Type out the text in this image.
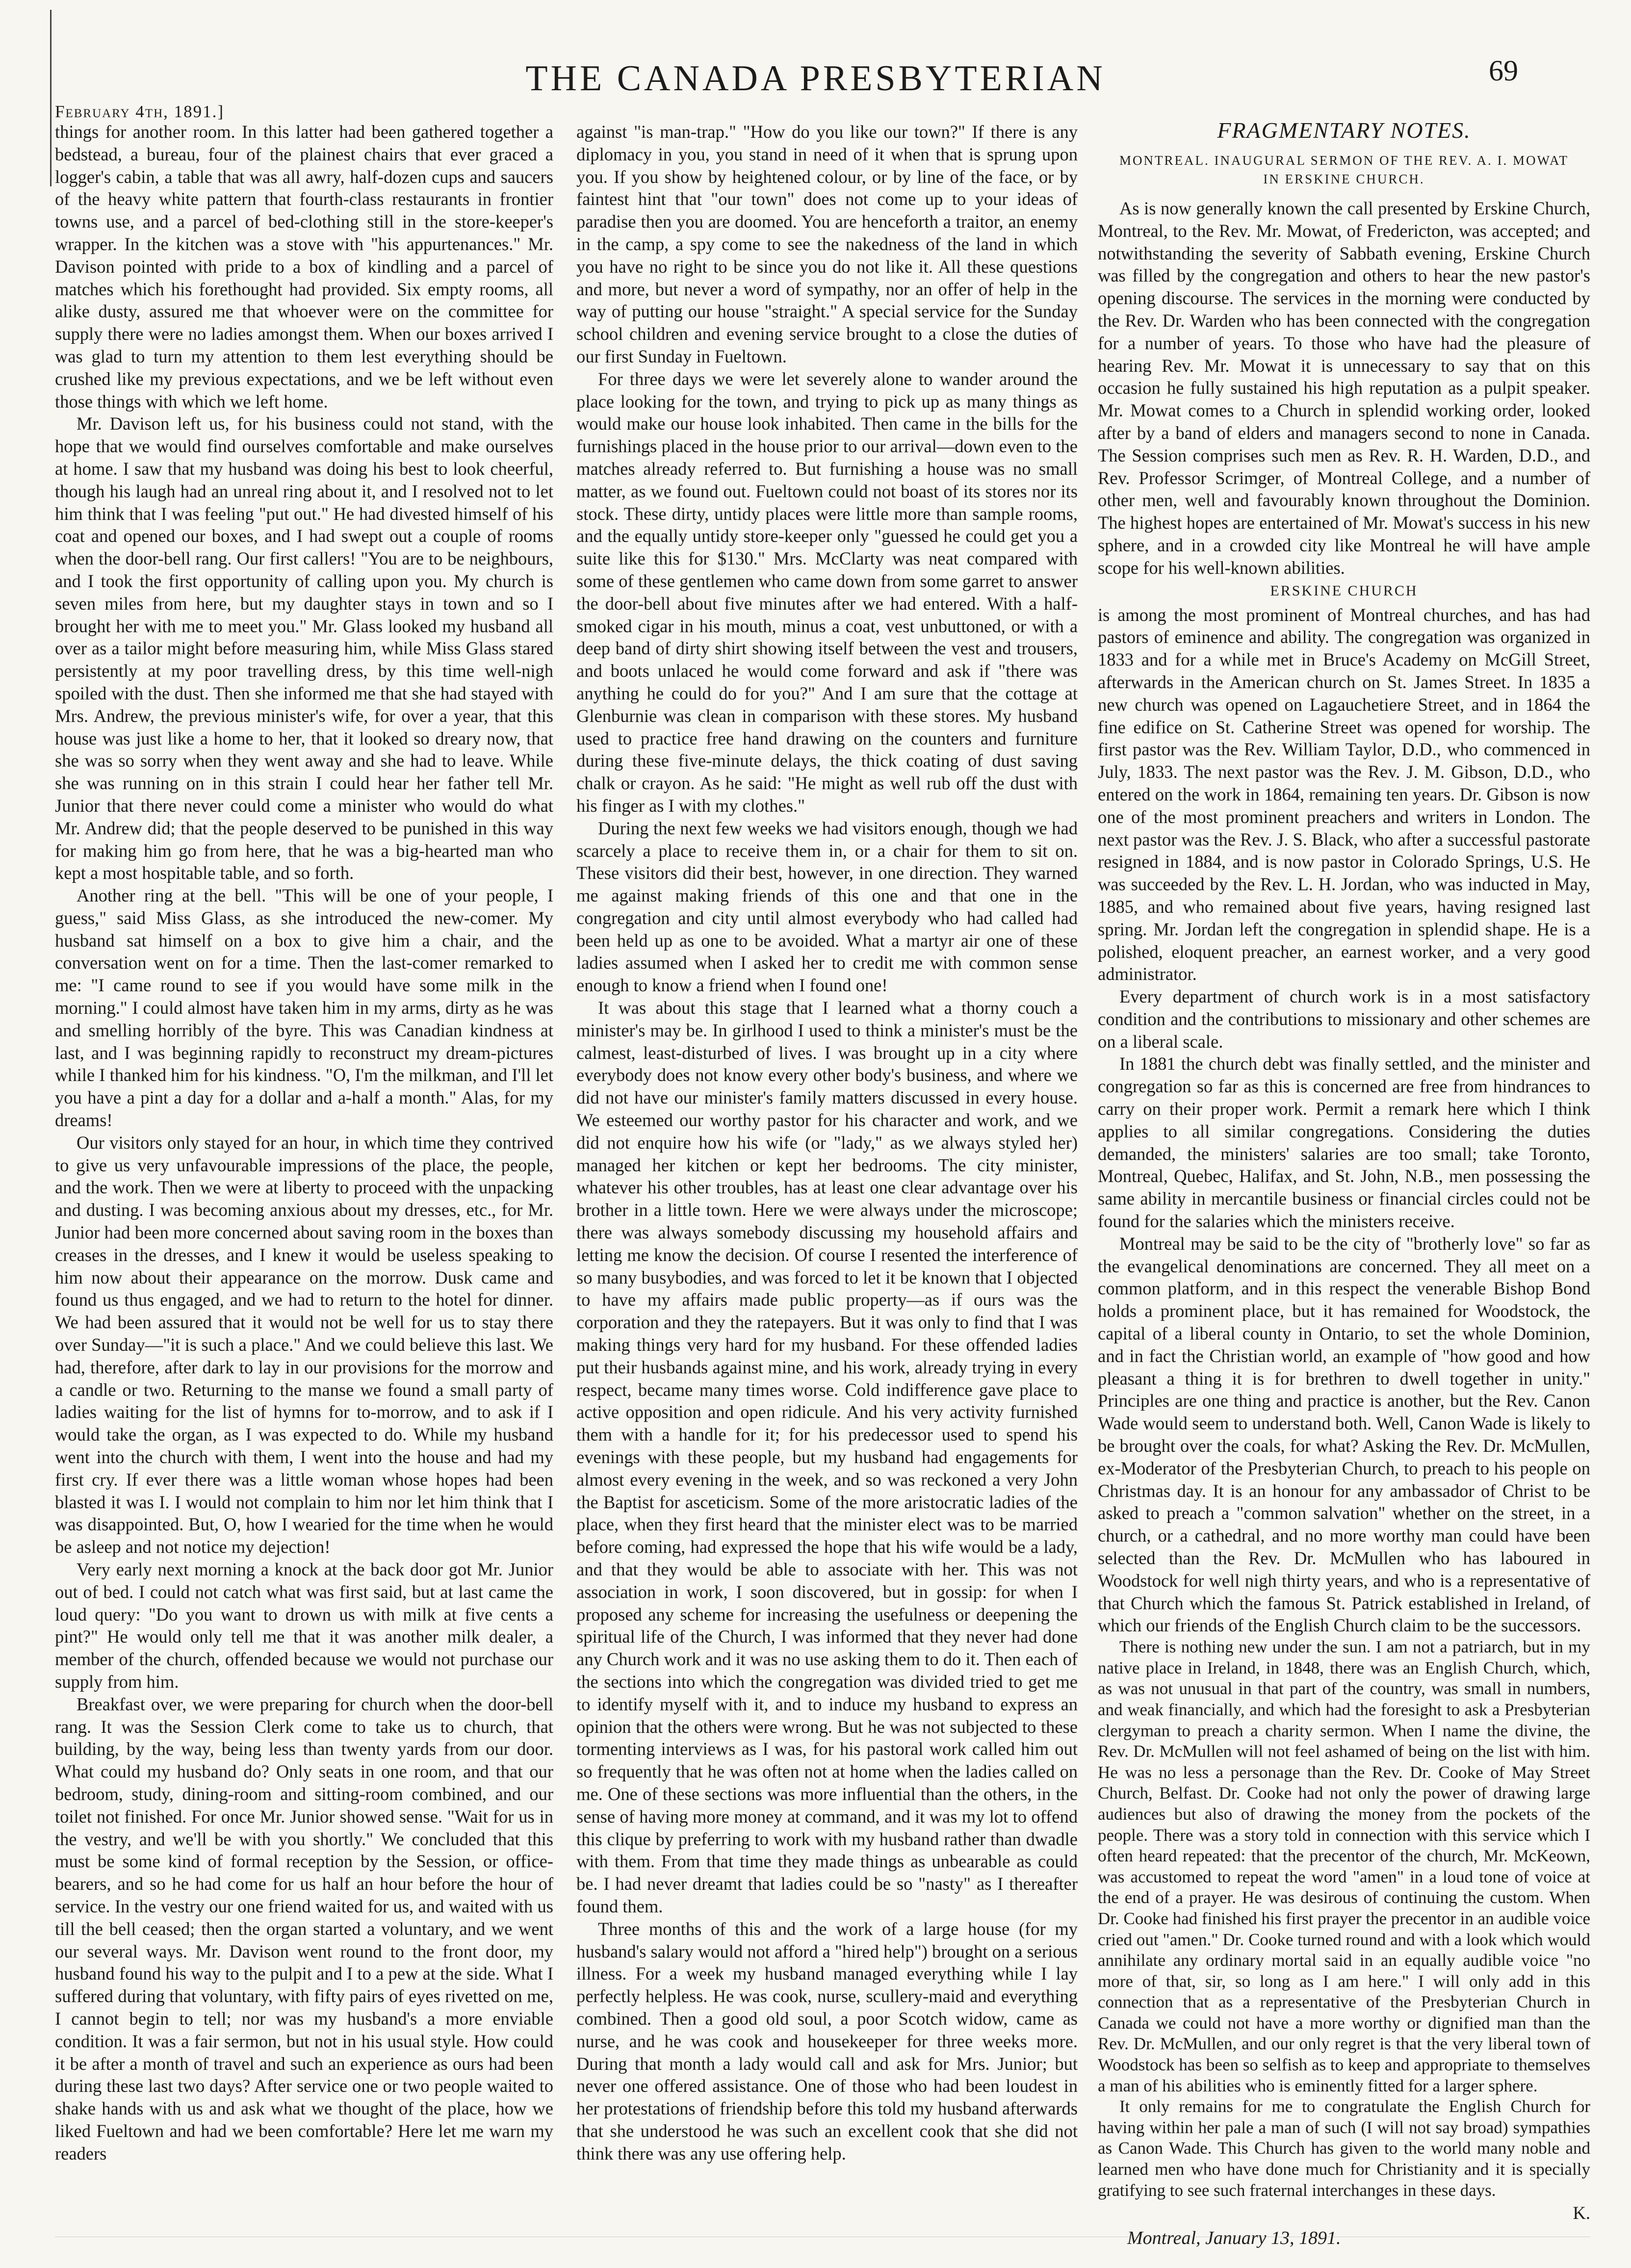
February 4th, 1891.]
THE CANADA PRESBYTERIAN	69

things for another room. In this latter had been gathered together a bedstead, a bureau, four of the plainest chairs that ever graced a logger's cabin, a table that was all awry, half-dozen cups and saucers of the heavy white pattern that fourth-class restaurants in frontier towns use, and a parcel of bed-clothing still in the store-keeper's wrapper. In the kitchen was a stove with "his appurtenances." Mr. Davison pointed with pride to a box of kindling and a parcel of matches which his forethought had provided. Six empty rooms, all alike dusty, assured me that whoever were on the committee for supply there were no ladies amongst them. When our boxes arrived I was glad to turn my attention to them lest everything should be crushed like my previous expectations, and we be left without even those things with which we left home.

Mr. Davison left us, for his business could not stand, with the hope that we would find ourselves comfortable and make ourselves at home. I saw that my husband was doing his best to look cheerful, though his laugh had an unreal ring about it, and I resolved not to let him think that I was feeling "put out." He had divested himself of his coat and opened our boxes, and I had swept out a couple of rooms when the door-bell rang. Our first callers! "You are to be neighbours, and I took the first opportunity of calling upon you. My church is seven miles from here, but my daughter stays in town and so I brought her with me to meet you." Mr. Glass looked my husband all over as a tailor might before measuring him, while Miss Glass stared persistently at my poor travelling dress, by this time well-nigh spoiled with the dust. Then she informed me that she had stayed with Mrs. Andrew, the previous minister's wife, for over a year, that this house was just like a home to her, that it looked so dreary now, that she was so sorry when they went away and she had to leave. While she was running on in this strain I could hear her father tell Mr. Junior that there never could come a minister who would do what Mr. Andrew did; that the people deserved to be punished in this way for making him go from here, that he was a big-hearted man who kept a most hospitable table, and so forth.

Another ring at the bell. "This will be one of your people, I guess," said Miss Glass, as she introduced the new-comer. My husband sat himself on a box to give him a chair, and the conversation went on for a time. Then the last-comer remarked to me: "I came round to see if you would have some milk in the morning." I could almost have taken him in my arms, dirty as he was and smelling horribly of the byre. This was Canadian kindness at last, and I was beginning rapidly to reconstruct my dream-pictures while I thanked him for his kindness. "O, I'm the milkman, and I'll let you have a pint a day for a dollar and a-half a month." Alas, for my dreams!

Our visitors only stayed for an hour, in which time they contrived to give us very unfavourable impressions of the place, the people, and the work. Then we were at liberty to proceed with the unpacking and dusting. I was becoming anxious about my dresses, etc., for Mr. Junior had been more concerned about saving room in the boxes than creases in the dresses, and I knew it would be useless speaking to him now about their appearance on the morrow. Dusk came and found us thus engaged, and we had to return to the hotel for dinner. We had been assured that it would not be well for us to stay there over Sunday—"it is such a place." And we could believe this last. We had, therefore, after dark to lay in our provisions for the morrow and a candle or two. Returning to the manse we found a small party of ladies waiting for the list of hymns for to-morrow, and to ask if I would take the organ, as I was expected to do. While my husband went into the church with them, I went into the house and had my first cry. If ever there was a little woman whose hopes had been blasted it was I. I would not complain to him nor let him think that I was disappointed. But, O, how I wearied for the time when he would be asleep and not notice my dejection!

Very early next morning a knock at the back door got Mr. Junior out of bed. I could not catch what was first said, but at last came the loud query: "Do you want to drown us with milk at five cents a pint?" He would only tell me that it was another milk dealer, a member of the church, offended because we would not purchase our supply from him.

Breakfast over, we were preparing for church when the door-bell rang. It was the Session Clerk come to take us to church, that building, by the way, being less than twenty yards from our door. What could my husband do? Only seats in one room, and that our bedroom, study, dining-room and sitting-room combined, and our toilet not finished. For once Mr. Junior showed sense. "Wait for us in the vestry, and we'll be with you shortly." We concluded that this must be some kind of formal reception by the Session, or office-bearers, and so he had come for us half an hour before the hour of service. In the vestry our one friend waited for us, and waited with us till the bell ceased; then the organ started a voluntary, and we went our several ways. Mr. Davison went round to the front door, my husband found his way to the pulpit and I to a pew at the side. What I suffered during that voluntary, with fifty pairs of eyes rivetted on me, I cannot begin to tell; nor was my husband's a more enviable condition. It was a fair sermon, but not in his usual style. How could it be after a month of travel and such an experience as ours had been during these last two days? After service one or two people waited to shake hands with us and ask what we thought of the place, how we liked Fueltown and had we been comfortable? Here let me warn my readers

against "is man-trap." "How do you like our town?" If there is any diplomacy in you, you stand in need of it when that is sprung upon you. If you show by heightened colour, or by line of the face, or by faintest hint that "our town" does not come up to your ideas of paradise then you are doomed. You are henceforth a traitor, an enemy in the camp, a spy come to see the nakedness of the land in which you have no right to be since you do not like it. All these questions and more, but never a word of sympathy, nor an offer of help in the way of putting our house "straight." A special service for the Sunday school children and evening service brought to a close the duties of our first Sunday in Fueltown.

For three days we were let severely alone to wander around the place looking for the town, and trying to pick up as many things as would make our house look inhabited. Then came in the bills for the furnishings placed in the house prior to our arrival—down even to the matches already referred to. But furnishing a house was no small matter, as we found out. Fueltown could not boast of its stores nor its stock. These dirty, untidy places were little more than sample rooms, and the equally untidy store-keeper only "guessed he could get you a suite like this for $130." Mrs. McClarty was neat compared with some of these gentlemen who came down from some garret to answer the door-bell about five minutes after we had entered. With a half-smoked cigar in his mouth, minus a coat, vest unbuttoned, or with a deep band of dirty shirt showing itself between the vest and trousers, and boots unlaced he would come forward and ask if "there was anything he could do for you?" And I am sure that the cottage at Glenburnie was clean in comparison with these stores. My husband used to practice free hand drawing on the counters and furniture during these five-minute delays, the thick coating of dust saving chalk or crayon. As he said: "He might as well rub off the dust with his finger as I with my clothes."

During the next few weeks we had visitors enough, though we had scarcely a place to receive them in, or a chair for them to sit on. These visitors did their best, however, in one direction. They warned me against making friends of this one and that one in the congregation and city until almost everybody who had called had been held up as one to be avoided. What a martyr air one of these ladies assumed when I asked her to credit me with common sense enough to know a friend when I found one!

It was about this stage that I learned what a thorny couch a minister's may be. In girlhood I used to think a minister's must be the calmest, least-disturbed of lives. I was brought up in a city where everybody does not know every other body's business, and where we did not have our minister's family matters discussed in every house. We esteemed our worthy pastor for his character and work, and we did not enquire how his wife (or "lady," as we always styled her) managed her kitchen or kept her bedrooms. The city minister, whatever his other troubles, has at least one clear advantage over his brother in a little town. Here we were always under the microscope; there was always somebody discussing my household affairs and letting me know the decision. Of course I resented the interference of so many busybodies, and was forced to let it be known that I objected to have my affairs made public property—as if ours was the corporation and they the ratepayers. But it was only to find that I was making things very hard for my husband. For these offended ladies put their husbands against mine, and his work, already trying in every respect, became many times worse. Cold indifference gave place to active opposition and open ridicule. And his very activity furnished them with a handle for it; for his predecessor used to spend his evenings with these people, but my husband had engagements for almost every evening in the week, and so was reckoned a very John the Baptist for asceticism. Some of the more aristocratic ladies of the place, when they first heard that the minister elect was to be married before coming, had expressed the hope that his wife would be a lady, and that they would be able to associate with her. This was not association in work, I soon discovered, but in gossip: for when I proposed any scheme for increasing the usefulness or deepening the spiritual life of the Church, I was informed that they never had done any Church work and it was no use asking them to do it. Then each of the sections into which the congregation was divided tried to get me to identify myself with it, and to induce my husband to express an opinion that the others were wrong. But he was not subjected to these tormenting interviews as I was, for his pastoral work called him out so frequently that he was often not at home when the ladies called on me. One of these sections was more influential than the others, in the sense of having more money at command, and it was my lot to offend this clique by preferring to work with my husband rather than dwadle with them. From that time they made things as unbearable as could be. I had never dreamt that ladies could be so "nasty" as I thereafter found them.

Three months of this and the work of a large house (for my husband's salary would not afford a "hired help") brought on a serious illness. For a week my husband managed everything while I lay perfectly helpless. He was cook, nurse, scullery-maid and everything combined. Then a good old soul, a poor Scotch widow, came as nurse, and he was cook and housekeeper for three weeks more. During that month a lady would call and ask for Mrs. Junior; but never one offered assistance. One of those who had been loudest in her protestations of friendship before this told my husband afterwards that she understood he was such an excellent cook that she did not think there was any use offering help.

FRAGMENTARY NOTES.
MONTREAL. INAUGURAL SERMON OF THE REV. A. I. MOWAT IN ERSKINE CHURCH.

As is now generally known the call presented by Erskine Church, Montreal, to the Rev. Mr. Mowat, of Fredericton, was accepted; and notwithstanding the severity of Sabbath evening, Erskine Church was filled by the congregation and others to hear the new pastor's opening discourse. The services in the morning were conducted by the Rev. Dr. Warden who has been connected with the congregation for a number of years. To those who have had the pleasure of hearing Rev. Mr. Mowat it is unnecessary to say that on this occasion he fully sustained his high reputation as a pulpit speaker. Mr. Mowat comes to a Church in splendid working order, looked after by a band of elders and managers second to none in Canada. The Session comprises such men as Rev. R. H. Warden, D.D., and Rev. Professor Scrimger, of Montreal College, and a number of other men, well and favourably known throughout the Dominion. The highest hopes are entertained of Mr. Mowat's success in his new sphere, and in a crowded city like Montreal he will have ample scope for his well-known abilities.

ERSKINE CHURCH

is among the most prominent of Montreal churches, and has had pastors of eminence and ability. The congregation was organized in 1833 and for a while met in Bruce's Academy on McGill Street, afterwards in the American church on St. James Street. In 1835 a new church was opened on Lagauchetiere Street, and in 1864 the fine edifice on St. Catherine Street was opened for worship. The first pastor was the Rev. William Taylor, D.D., who commenced in July, 1833. The next pastor was the Rev. J. M. Gibson, D.D., who entered on the work in 1864, remaining ten years. Dr. Gibson is now one of the most prominent preachers and writers in London. The next pastor was the Rev. J. S. Black, who after a successful pastorate resigned in 1884, and is now pastor in Colorado Springs, U.S. He was succeeded by the Rev. L. H. Jordan, who was inducted in May, 1885, and who remained about five years, having resigned last spring. Mr. Jordan left the congregation in splendid shape. He is a polished, eloquent preacher, an earnest worker, and a very good administrator.

Every department of church work is in a most satisfactory condition and the contributions to missionary and other schemes are on a liberal scale.

In 1881 the church debt was finally settled, and the minister and congregation so far as this is concerned are free from hindrances to carry on their proper work. Permit a remark here which I think applies to all similar congregations. Considering the duties demanded, the ministers' salaries are too small; take Toronto, Montreal, Quebec, Halifax, and St. John, N.B., men possessing the same ability in mercantile business or financial circles could not be found for the salaries which the ministers receive.

Montreal may be said to be the city of "brotherly love" so far as the evangelical denominations are concerned. They all meet on a common platform, and in this respect the venerable Bishop Bond holds a prominent place, but it has remained for Woodstock, the capital of a liberal county in Ontario, to set the whole Dominion, and in fact the Christian world, an example of "how good and how pleasant a thing it is for brethren to dwell together in unity." Principles are one thing and practice is another, but the Rev. Canon Wade would seem to understand both. Well, Canon Wade is likely to be brought over the coals, for what? Asking the Rev. Dr. McMullen, ex-Moderator of the Presbyterian Church, to preach to his people on Christmas day. It is an honour for any ambassador of Christ to be asked to preach a "common salvation" whether on the street, in a church, or a cathedral, and no more worthy man could have been selected than the Rev. Dr. McMullen who has laboured in Woodstock for well nigh thirty years, and who is a representative of that Church which the famous St. Patrick established in Ireland, of which our friends of the English Church claim to be the successors.

There is nothing new under the sun. I am not a patriarch, but in my native place in Ireland, in 1848, there was an English Church, which, as was not unusual in that part of the country, was small in numbers, and weak financially, and which had the foresight to ask a Presbyterian clergyman to preach a charity sermon. When I name the divine, the Rev. Dr. McMullen will not feel ashamed of being on the list with him. He was no less a personage than the Rev. Dr. Cooke of May Street Church, Belfast. Dr. Cooke had not only the power of drawing large audiences but also of drawing the money from the pockets of the people. There was a story told in connection with this service which I often heard repeated: that the precentor of the church, Mr. McKeown, was accustomed to repeat the word "amen" in a loud tone of voice at the end of a prayer. He was desirous of continuing the custom. When Dr. Cooke had finished his first prayer the precentor in an audible voice cried out "amen." Dr. Cooke turned round and with a look which would annihilate any ordinary mortal said in an equally audible voice "no more of that, sir, so long as I am here." I will only add in this connection that as a representative of the Presbyterian Church in Canada we could not have a more worthy or dignified man than the Rev. Dr. McMullen, and our only regret is that the very liberal town of Woodstock has been so selfish as to keep and appropriate to themselves a man of his abilities who is eminently fitted for a larger sphere.

It only remains for me to congratulate the English Church for having within her pale a man of such (I will not say broad) sympathies as Canon Wade. This Church has given to the world many noble and learned men who have done much for Christianity and it is specially gratifying to see such fraternal interchanges in these days.

K.
Montreal, January 13, 1891.
